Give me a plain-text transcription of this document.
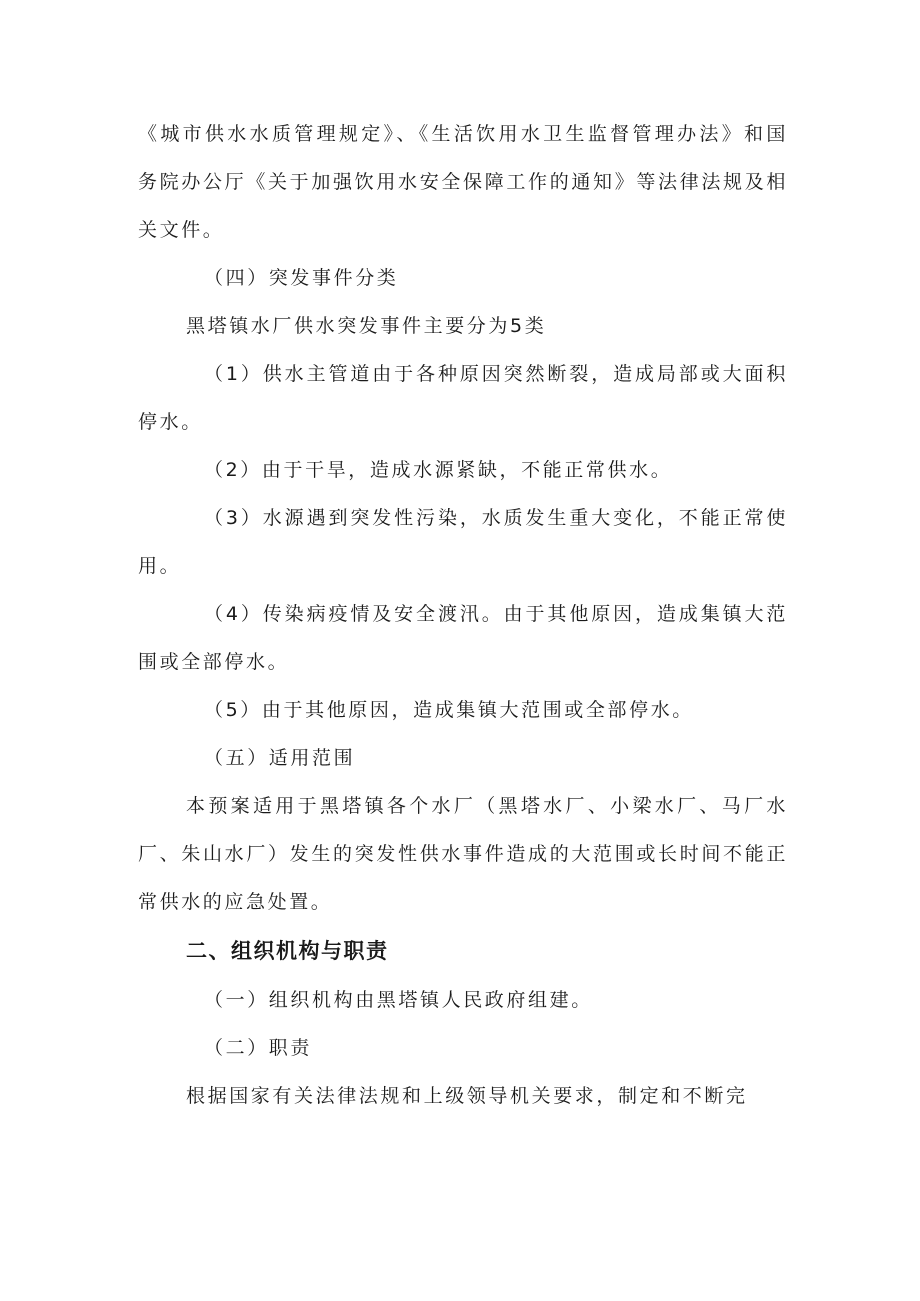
《城市供水水质管理规定》、《生活饮用水卫生监督管理办法》和国务院办公厅《关于加强饮用水安全保障工作的通知》等法律法规及相关文件。

（四）突发事件分类

黑塔镇水厂供水突发事件主要分为5类

（1）供水主管道由于各种原因突然断裂，造成局部或大面积停水。

（2）由于干旱，造成水源紧缺，不能正常供水。

（3）水源遇到突发性污染，水质发生重大变化，不能正常使用。

（4）传染病疫情及安全渡汛。由于其他原因，造成集镇大范围或全部停水。

（5）由于其他原因，造成集镇大范围或全部停水。

（五）适用范围

本预案适用于黑塔镇各个水厂（黑塔水厂、小梁水厂、马厂水厂、朱山水厂）发生的突发性供水事件造成的大范围或长时间不能正常供水的应急处置。

二、组织机构与职责

（一）组织机构由黑塔镇人民政府组建。

（二）职责

根据国家有关法律法规和上级领导机关要求，制定和不断完
